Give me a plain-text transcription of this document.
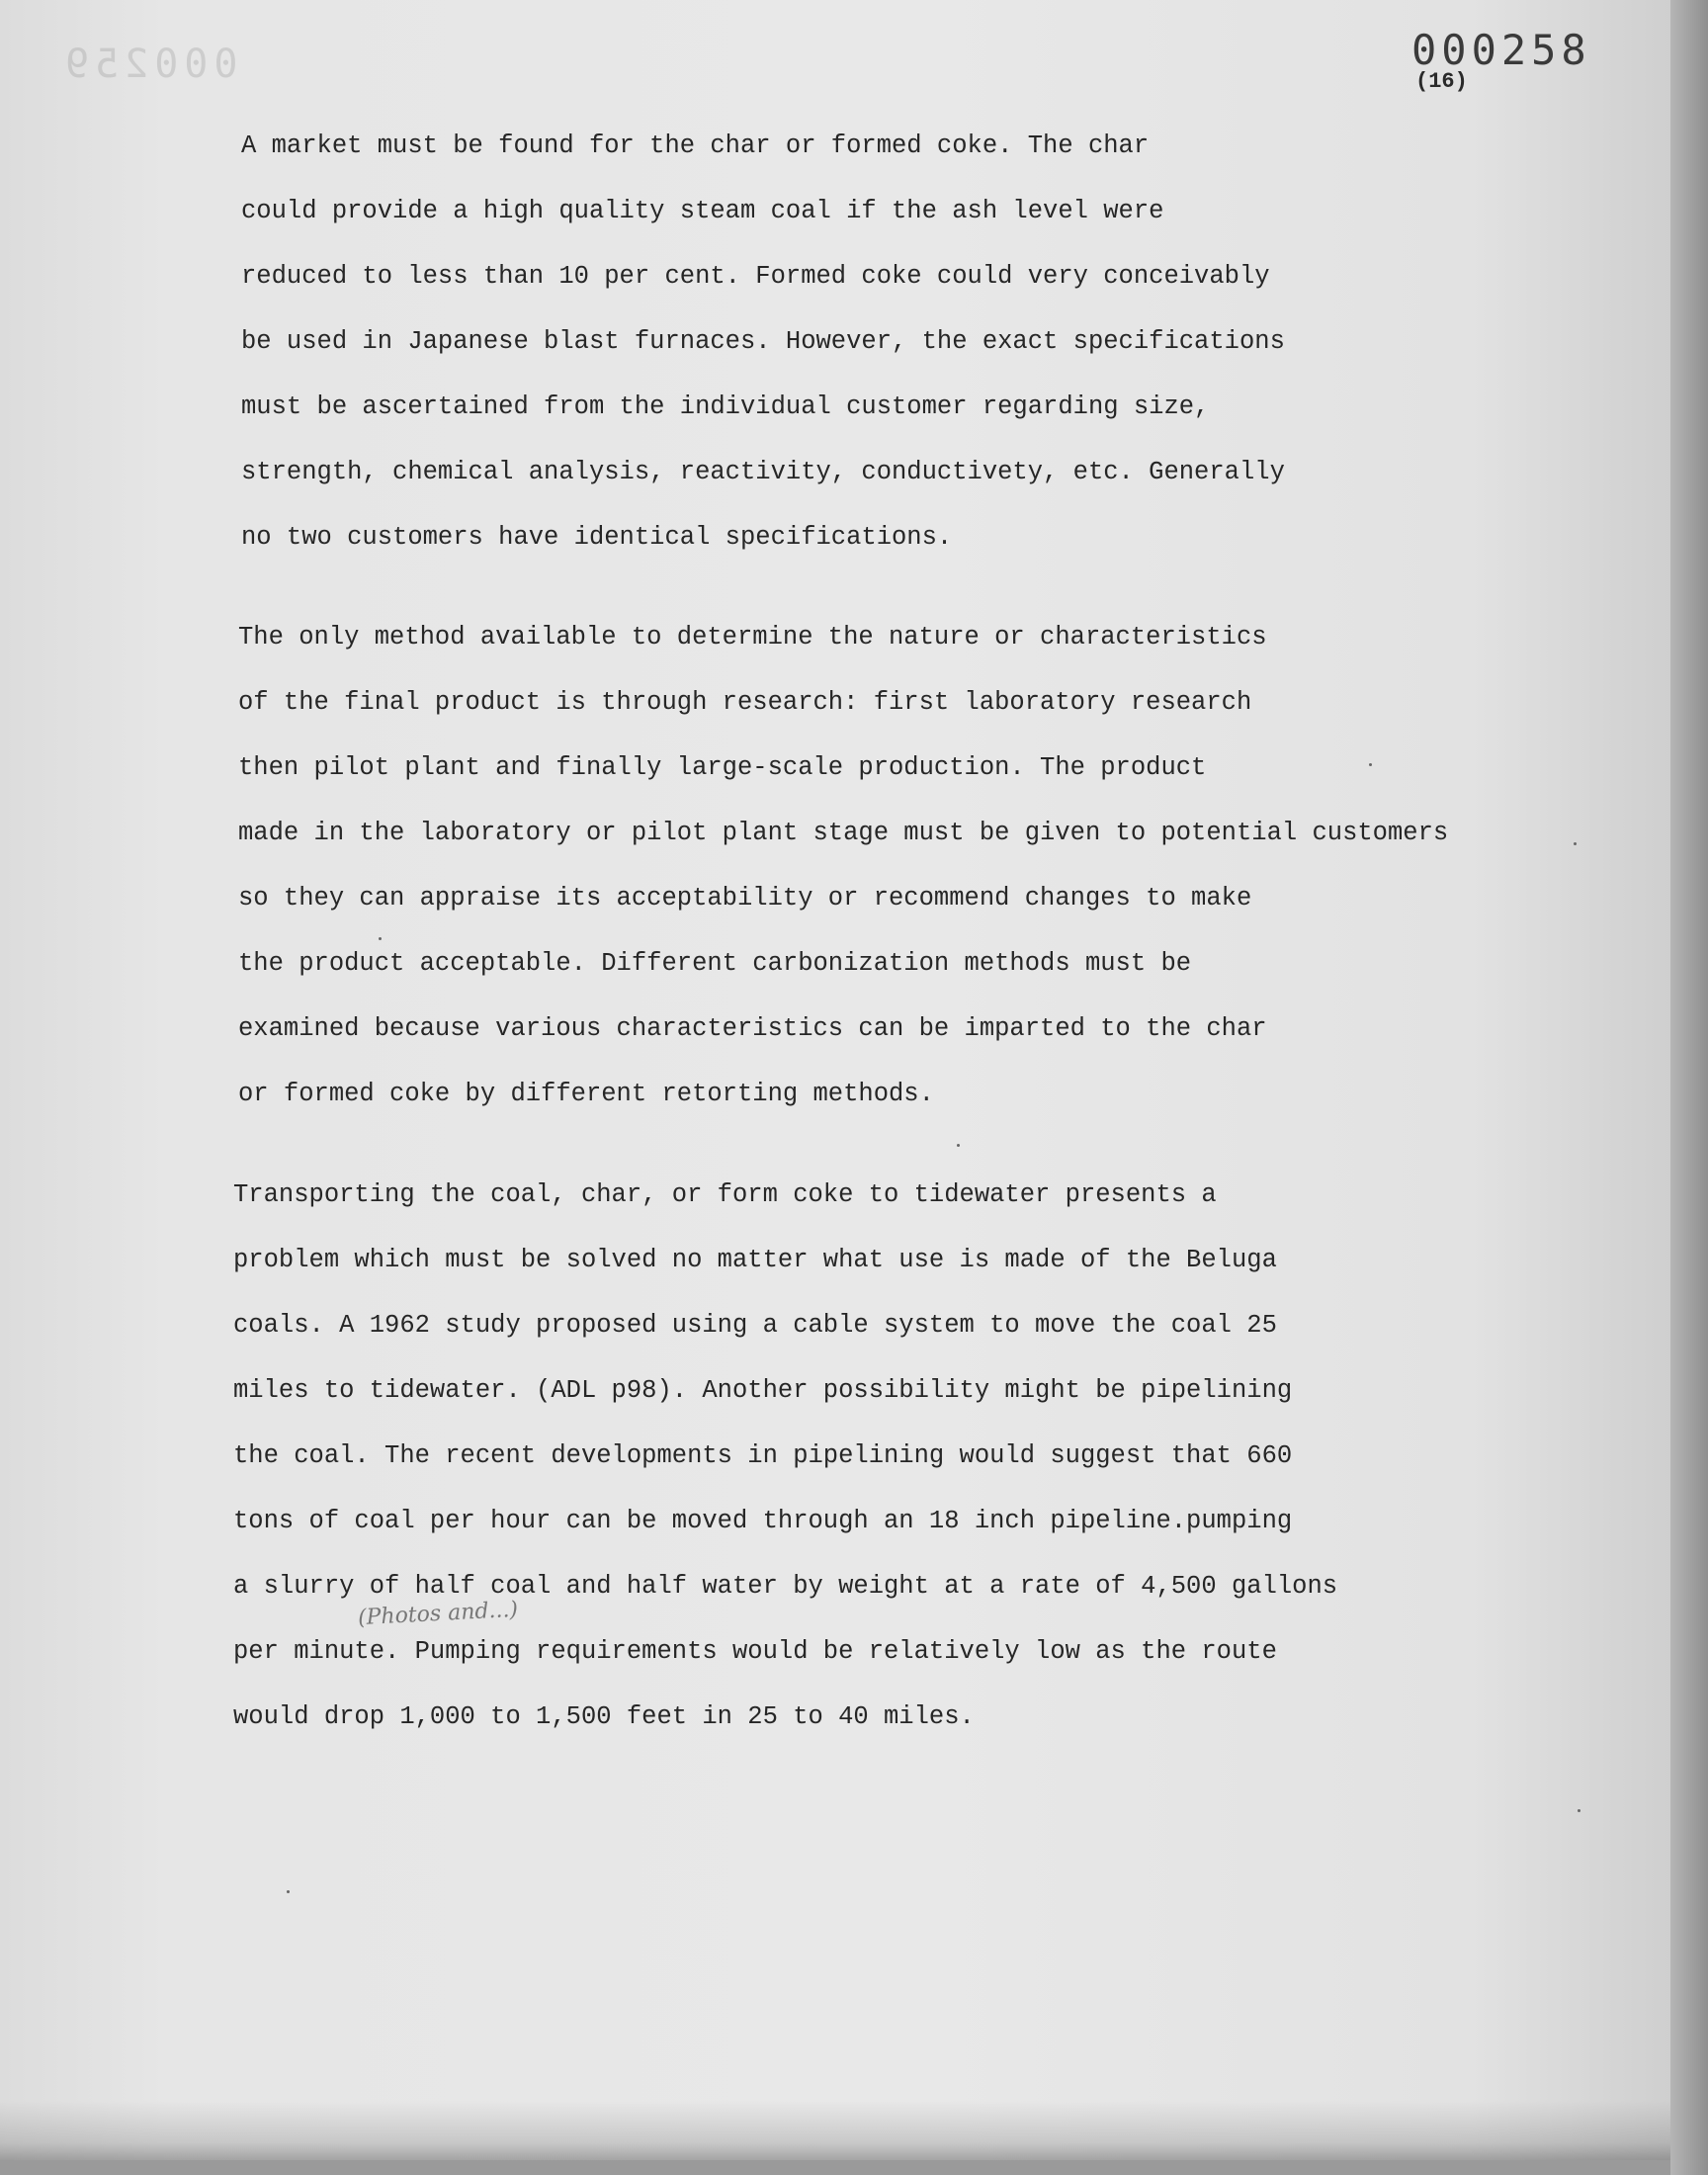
000259	000258
(16)
A market must be found for the char or formed coke. The char
could provide a high quality steam coal if the ash level were
reduced to less than 10 per cent. Formed coke could very conceivably
be used in Japanese blast furnaces. However, the exact specifications
must be ascertained from the individual customer regarding size,
strength, chemical analysis, reactivity, conductivety, etc. Generally
no two customers have identical specifications.
The only method available to determine the nature or characteristics
of the final product is through research: first laboratory research
then pilot plant and finally large-scale production. The product
made in the laboratory or pilot plant stage must be given to potential customers
so they can appraise its acceptability or recommend changes to make
the product acceptable. Different carbonization methods must be
examined because various characteristics can be imparted to the char
or formed coke by different retorting methods.
Transporting the coal, char, or form coke to tidewater presents a
problem which must be solved no matter what use is made of the Beluga
coals. A 1962 study proposed using a cable system to move the coal 25
miles to tidewater. (ADL p98). Another possibility might be pipelining
the coal. The recent developments in pipelining would suggest that 660
tons of coal per hour can be moved through an 18 inch pipeline.pumping
a slurry of half coal and half water by weight at a rate of 4,500 gallons
per minute. Pumping requirements would be relatively low as the route
would drop 1,000 to 1,500 feet in 25 to 40 miles.
(Photos and...)
